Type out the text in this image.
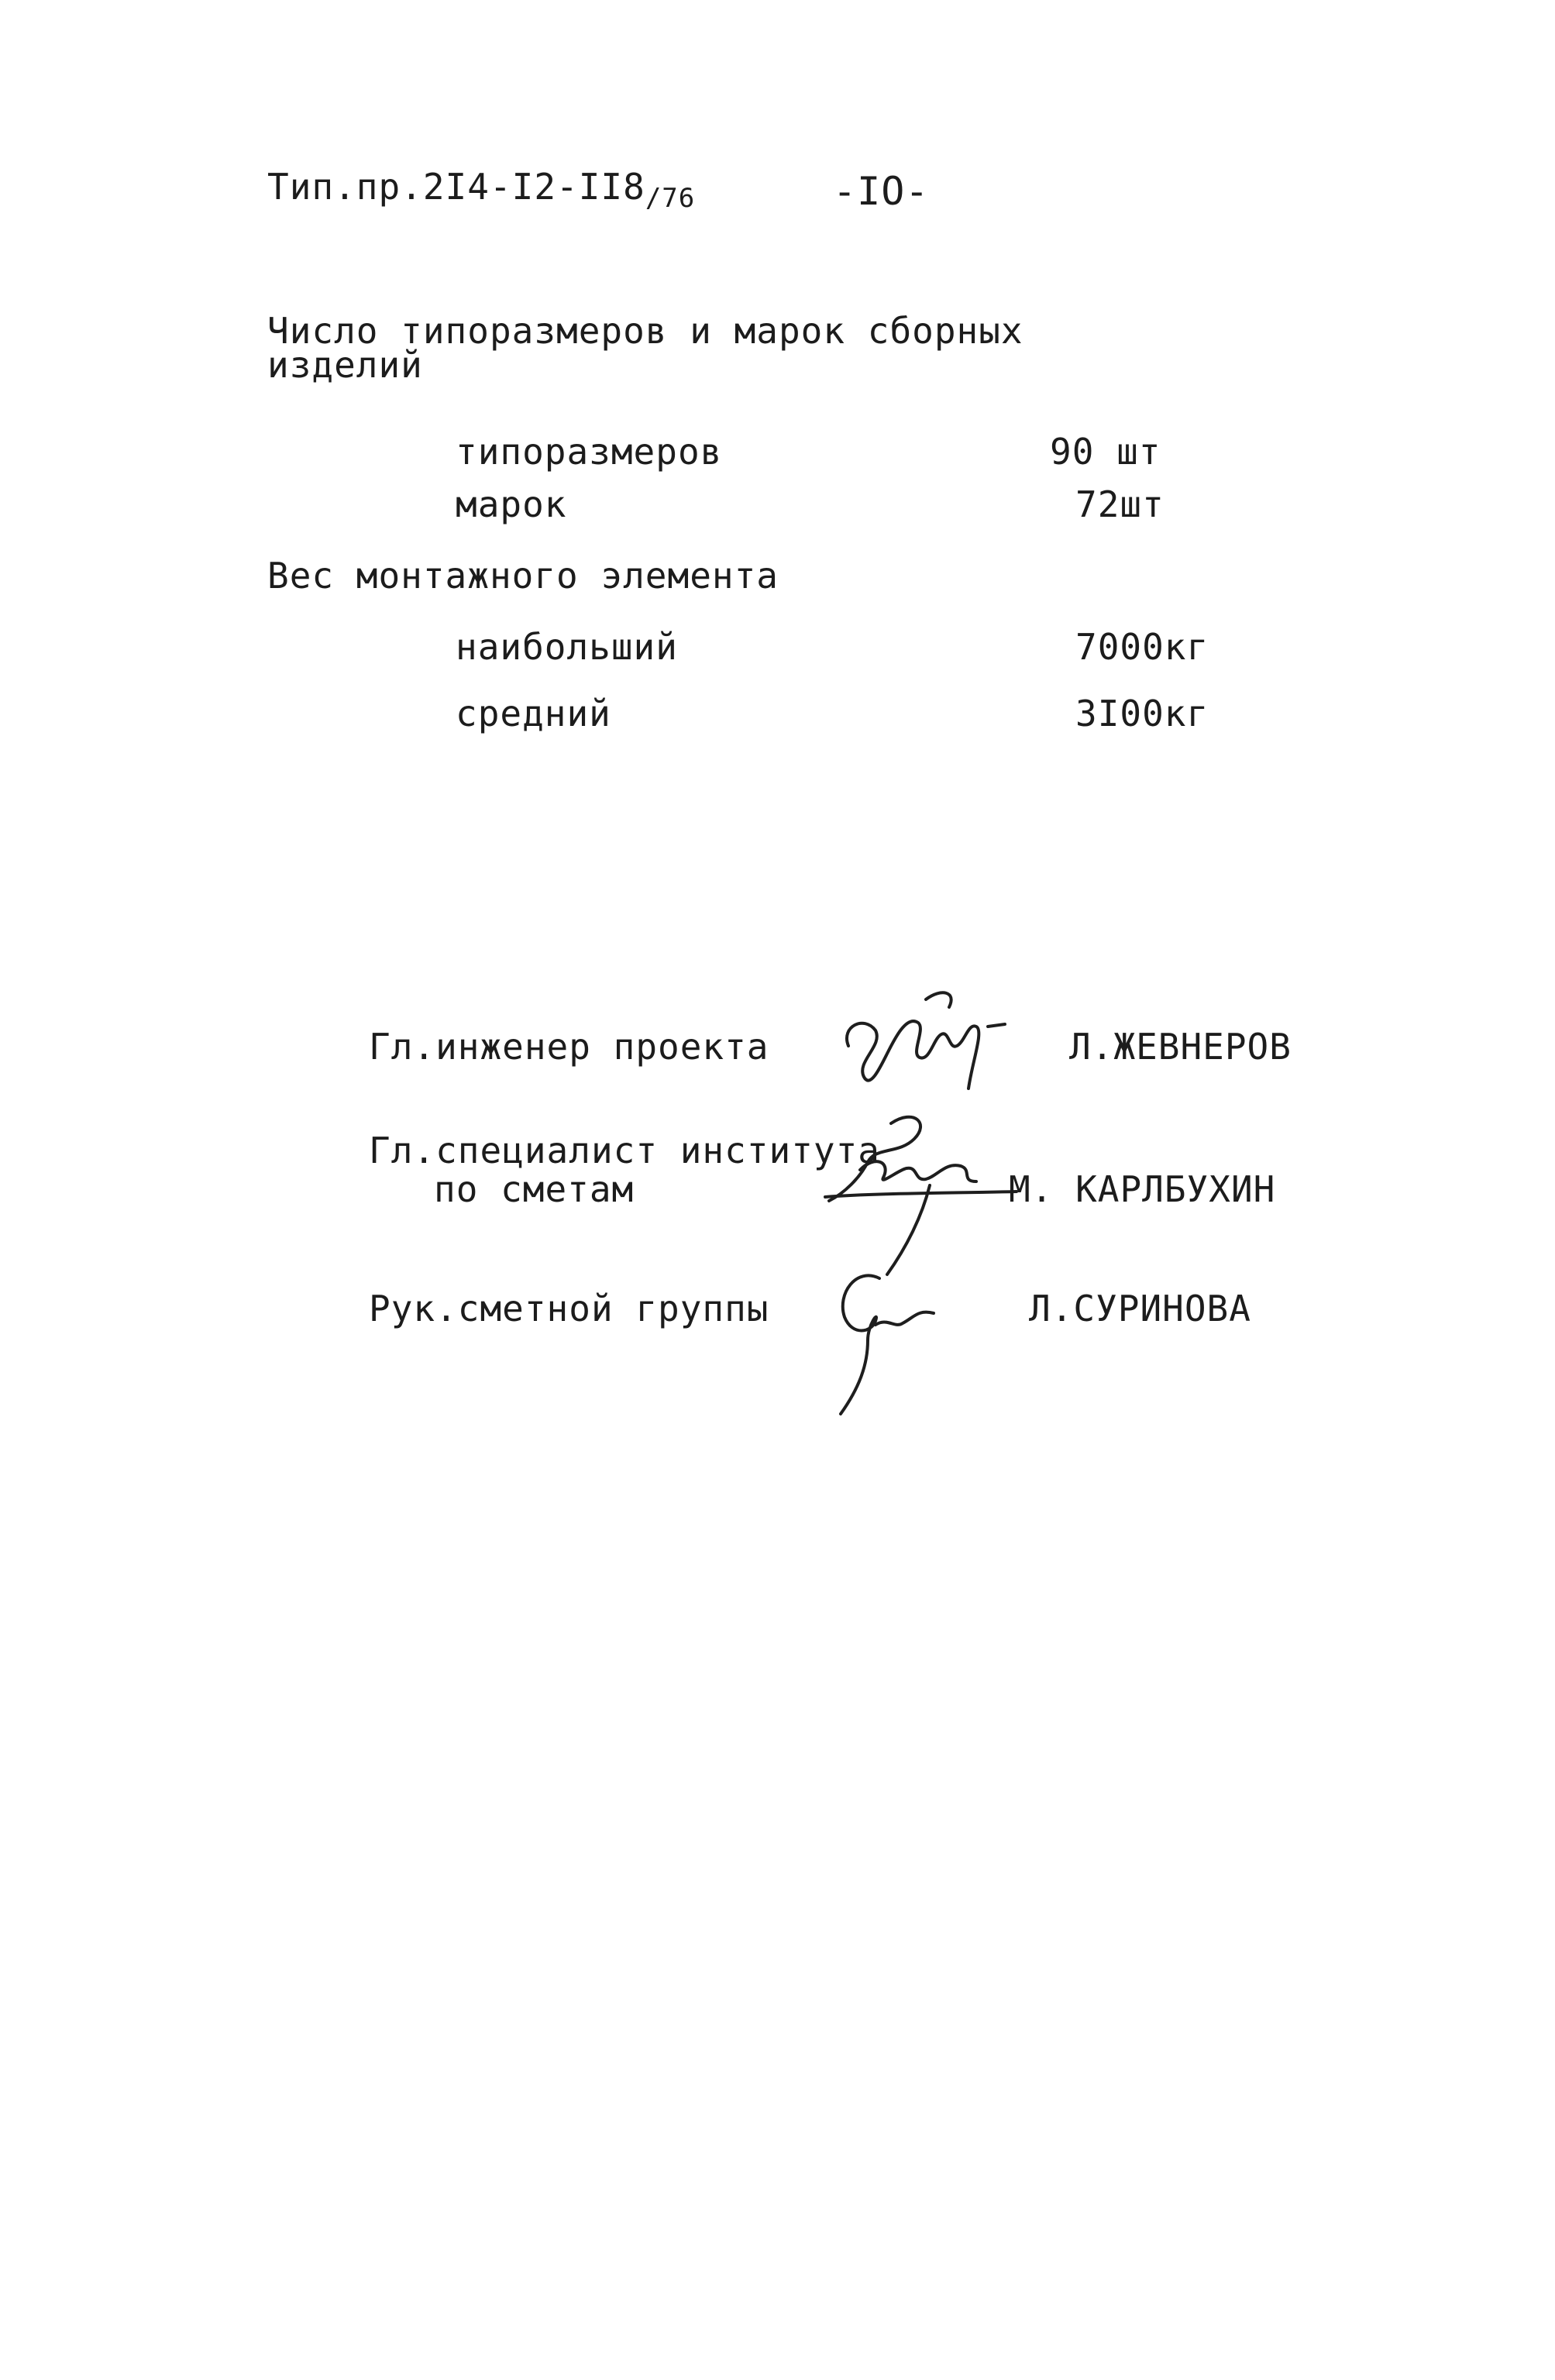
$Тип.пр.2I4-I2-II8_{/76}$	-IO-
Число типоразмеров и марок сборных
изделий
типоразмеров	90 шт
марок	72шт
Вес монтажного элемента
наибольший	7000кг
средний	3I00кг
Гл.инженер проекта	Л.ЖЕВНЕРОВ
Гл.специалист института
по сметам	М. КАРЛБУХИН
Рук.сметной группы	Л.СУРИНОВА
